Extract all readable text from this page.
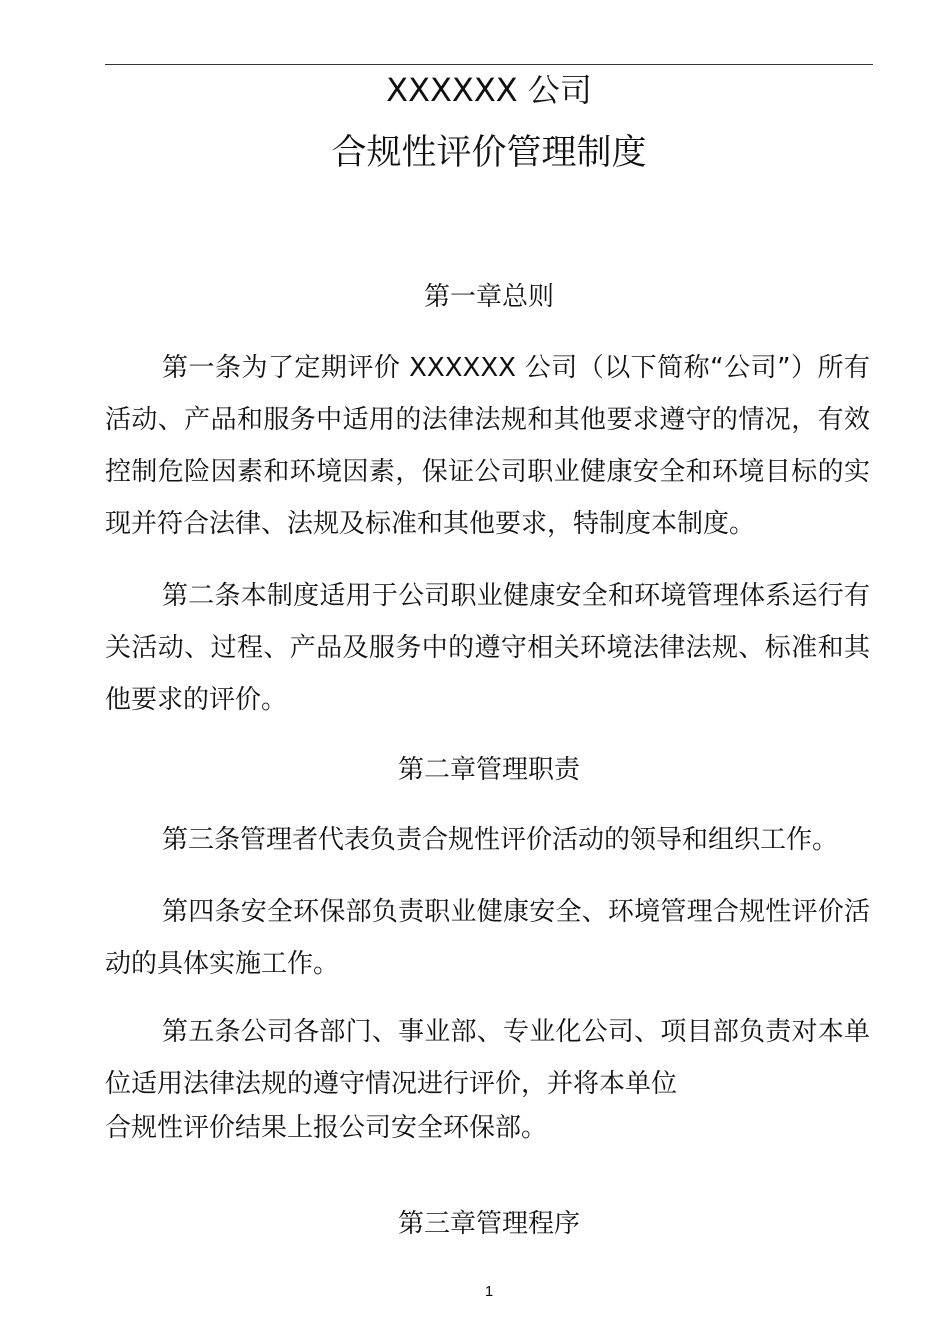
XXXXXX 公司
合规性评价管理制度
第一章总则

第一条为了定期评价 XXXXXX 公司（以下简称“公司”）所有活动、产品和服务中适用的法律法规和其他要求遵守的情况，有效控制危险因素和环境因素，保证公司职业健康安全和环境目标的实现并符合法律、法规及标准和其他要求，特制度本制度。

第二条本制度适用于公司职业健康安全和环境管理体系运行有关活动、过程、产品及服务中的遵守相关环境法律法规、标准和其他要求的评价。

第二章管理职责

第三条管理者代表负责合规性评价活动的领导和组织工作。

第四条安全环保部负责职业健康安全、环境管理合规性评价活动的具体实施工作。

第五条公司各部门、事业部、专业化公司、项目部负责对本单位适用法律法规的遵守情况进行评价，并将本单位

合规性评价结果上报公司安全环保部。

第三章管理程序
1
